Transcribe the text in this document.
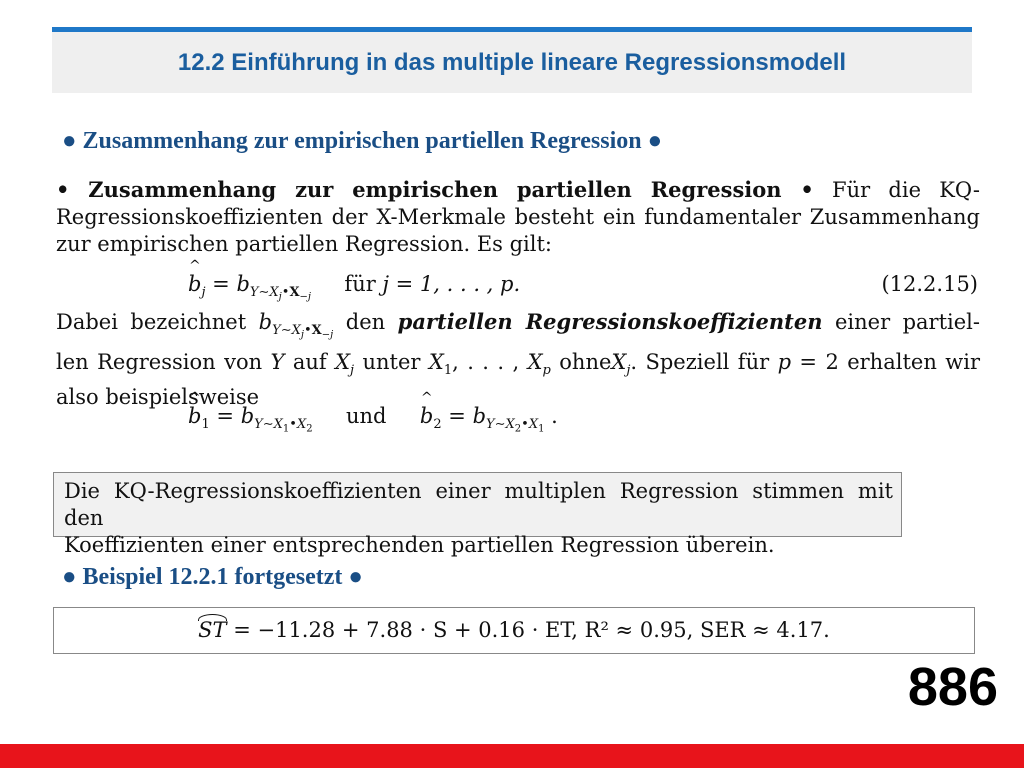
12.2 Einführung in das multiple lineare Regressionsmodell
● Zusammenhang zur empirischen partiellen Regression ●
• Zusammenhang zur empirischen partiellen Regression • Für die KQ-
Regressionskoeffizienten der X-Merkmale besteht ein fundamentaler Zusammenhang
zur empirischen partiellen Regression. Es gilt:
^ $b_j = b_{Y\sim X_j•X_{-j}}$     für j = 1, . . . , p.	(12.2.15)
Dabei bezeichnet $b_{Y\sim X_j•X_{-j}}$ den partiellen Regressionskoeffizienten einer partiel-
len Regression von Y auf $X_j$ unter $X_1$, . . . , $X_p$ ohneX$_j$. Speziell für p = 2 erhalten wir
also beispielsweise
^ $b_1 = b_{Y\sim X_1•X_2}$     und     ^ $b_2 = b_{Y\sim X_2•X_1}$ .
Die KQ-Regressionskoeffizienten einer multiplen Regression stimmen mit den
Koeffizienten einer entsprechenden partiellen Regression überein.
● Beispiel 12.2.1 fortgesetzt ●
ST = −11.28 + 7.88 · S + 0.16 · ET, R² ≈ 0.95, SER ≈ 4.17.
886
